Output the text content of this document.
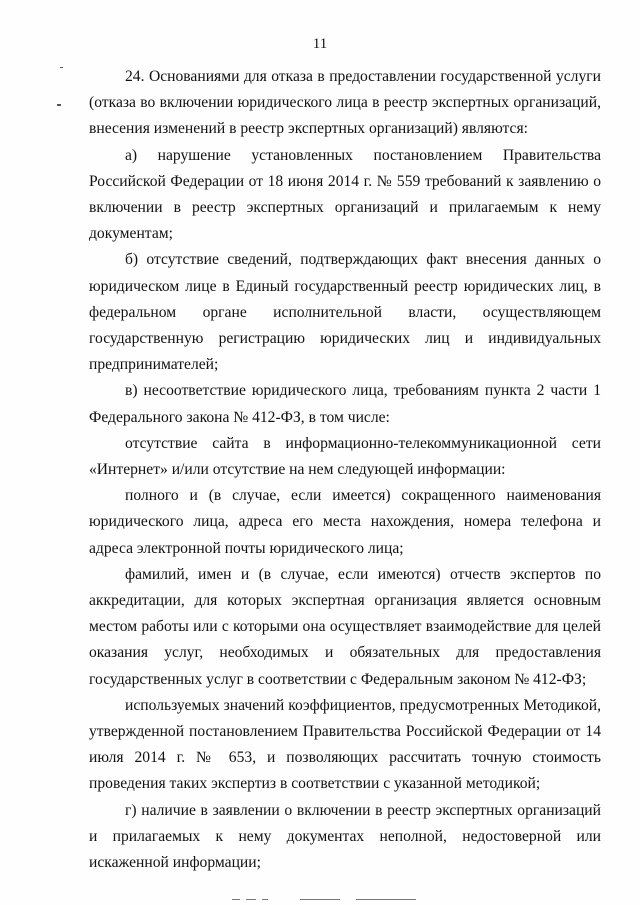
11

24. Основаниями для отказа в предоставлении государственной услуги (отказа во включении юридического лица в реестр экспертных организаций, внесения изменений в реестр экспертных организаций) являются:

а) нарушение установленных постановлением Правительства Российской Федерации от 18 июня 2014 г. № 559 требований к заявлению о включении в реестр экспертных организаций и прилагаемым к нему документам;

б) отсутствие сведений, подтверждающих факт внесения данных о юридическом лице в Единый государственный реестр юридических лиц, в федеральном органе исполнительной власти, осуществляющем государственную регистрацию юридических лиц и индивидуальных предпринимателей;

в) несоответствие юридического лица, требованиям пункта 2 части 1 Федерального закона № 412-ФЗ, в том числе:

отсутствие сайта в информационно-телекоммуникационной сети «Интернет» и/или отсутствие на нем следующей информации:

полного и (в случае, если имеется) сокращенного наименования юридического лица, адреса его места нахождения, номера телефона и адреса электронной почты юридического лица;

фамилий, имен и (в случае, если имеются) отчеств экспертов по аккредитации, для которых экспертная организация является основным местом работы или с которыми она осуществляет взаимодействие для целей оказания услуг, необходимых и обязательных для предоставления государственных услуг в соответствии с Федеральным законом № 412-ФЗ;

используемых значений коэффициентов, предусмотренных Методикой, утвержденной постановлением Правительства Российской Федерации от 14 июля 2014 г. № 653, и позволяющих рассчитать точную стоимость проведения таких экспертиз в соответствии с указанной методикой;

г) наличие в заявлении о включении в реестр экспертных организаций и прилагаемых к нему документах неполной, недостоверной или искаженной информации;
